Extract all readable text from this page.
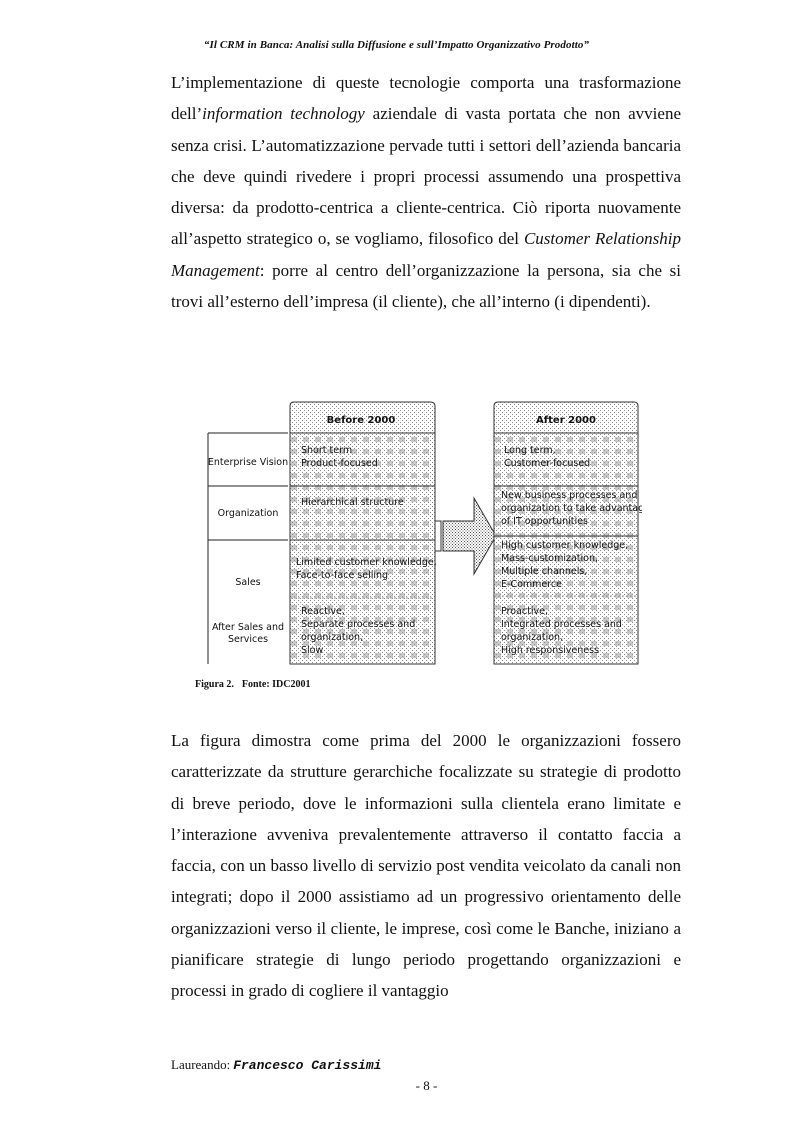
“Il CRM in Banca: Analisi sulla Diffusione e sull’Impatto Organizzativo Prodotto”
L’implementazione di queste tecnologie comporta una trasformazione dell’information technology aziendale di vasta portata che non avviene senza crisi. L’automatizzazione pervade tutti i settori dell’azienda bancaria che deve quindi rivedere i propri processi assumendo una prospettiva diversa: da prodotto-centrica a cliente-centrica. Ciò riporta nuovamente all’aspetto strategico o, se vogliamo, filosofico del Customer Relationship Management: porre al centro dell’organizzazione la persona, sia che si trovi all’esterno dell’impresa (il cliente), che all’interno (i dipendenti).
Before 2000	After 2000
Enterprise Vision
Organization
Sales
After Sales and
Services
Short term
Product-focused
Hierarchical structure
Limited customer knowledge,
Face-to-face selling
Reactive,
Separate processes and
organization,
Slow
Long term,
Customer-focused
New business processes and
organization to take advantage
of IT opportunities
High customer knowledge,
Mass-customization,
Multiple channels,
E-Commerce
Proactive,
Integrated processes and
organization,
High responsiveness
Figura 2. Fonte: IDC2001
La figura dimostra come prima del 2000 le organizzazioni fossero caratterizzate da strutture gerarchiche focalizzate su strategie di prodotto di breve periodo, dove le informazioni sulla clientela erano limitate e l’interazione avveniva prevalentemente attraverso il contatto faccia a faccia, con un basso livello di servizio post vendita veicolato da canali non integrati; dopo il 2000 assistiamo ad un progressivo orientamento delle organizzazioni verso il cliente, le imprese, così come le Banche, iniziano a pianificare strategie di lungo periodo progettando organizzazioni e processi in grado di cogliere il vantaggio
Laureando: Francesco Carissimi
- 8 -
